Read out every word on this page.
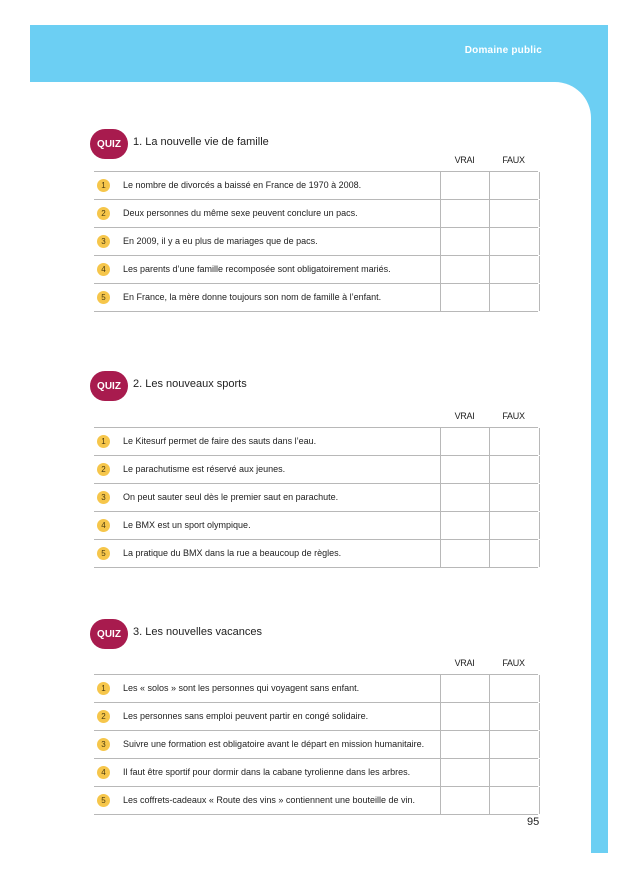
Domaine public
QUIZ	1. La nouvelle vie de famille
VRAI	FAUX
1	Le nombre de divorcés a baissé en France de 1970 à 2008.
2	Deux personnes du même sexe peuvent conclure un pacs.
3	En 2009, il y a eu plus de mariages que de pacs.
4	Les parents d’une famille recomposée sont obligatoirement mariés.
5	En France, la mère donne toujours son nom de famille à l’enfant.
QUIZ	2. Les nouveaux sports
VRAI	FAUX
1	Le Kitesurf permet de faire des sauts dans l’eau.
2	Le parachutisme est réservé aux jeunes.
3	On peut sauter seul dès le premier saut en parachute.
4	Le BMX est un sport olympique.
5	La pratique du BMX dans la rue a beaucoup de règles.
QUIZ	3. Les nouvelles vacances
VRAI	FAUX
1	Les « solos » sont les personnes qui voyagent sans enfant.
2	Les personnes sans emploi peuvent partir en congé solidaire.
3	Suivre une formation est obligatoire avant le départ en mission humanitaire.
4	Il faut être sportif pour dormir dans la cabane tyrolienne dans les arbres.
5	Les coffrets-cadeaux « Route des vins » contiennent une bouteille de vin.
95
